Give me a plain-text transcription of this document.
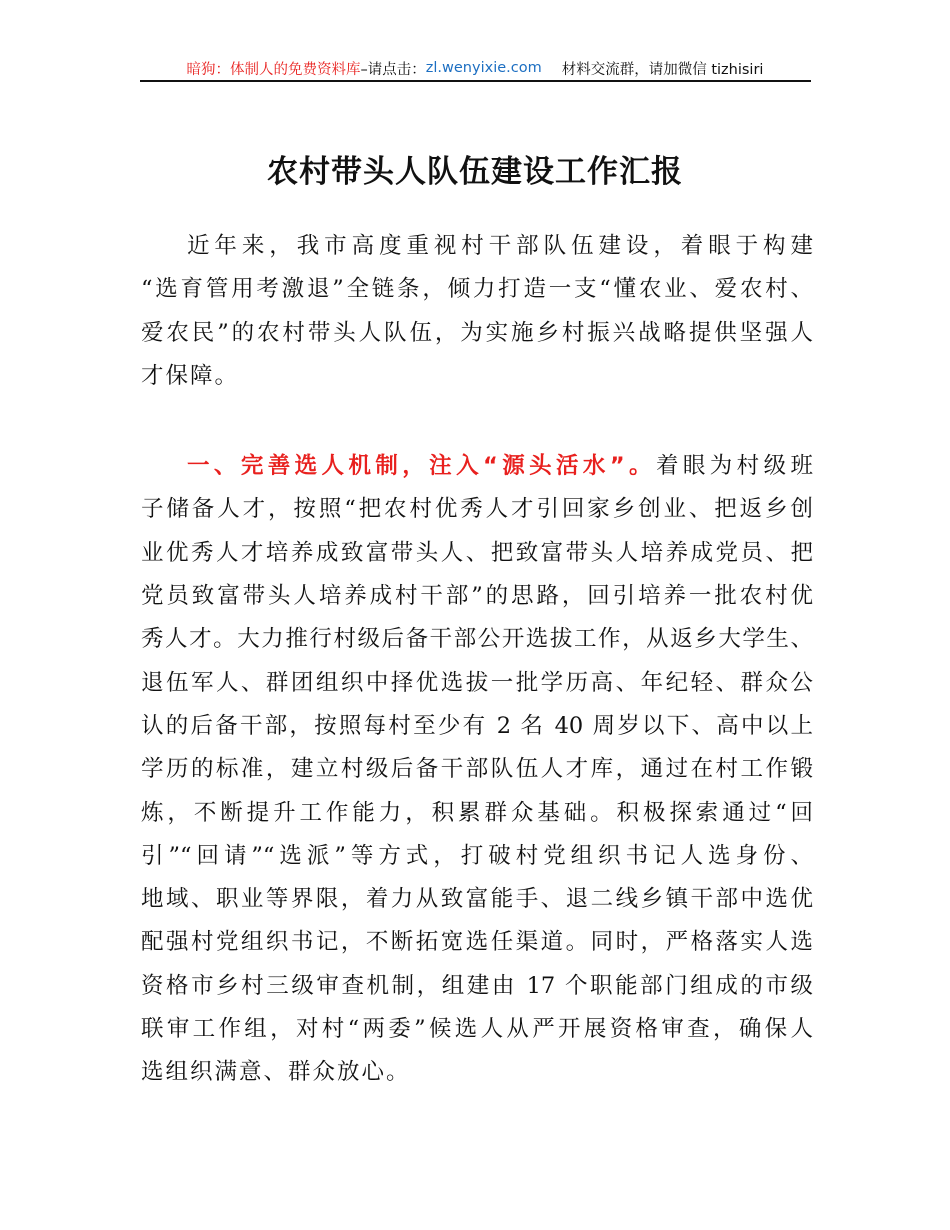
暗狗：体制人的免费资料库 –请点击： zl.wenyixie.com 材料交流群，请加微信 tizhisiri
农村带头人队伍建设工作汇报
近年来，我市高度重视村干部队伍建设，着眼于构建
“选育管用考激退”全链条，倾力打造一支“懂农业、爱农村、
爱农民”的农村带头人队伍，为实施乡村振兴战略提供坚强人
才保障。
一、完善选人机制，注入“源头活水”。着眼为村级班
子储备人才，按照“把农村优秀人才引回家乡创业、把返乡创
业优秀人才培养成致富带头人、把致富带头人培养成党员、把
党员致富带头人培养成村干部”的思路，回引培养一批农村优
秀人才。大力推行村级后备干部公开选拔工作，从返乡大学生、
退伍军人、群团组织中择优选拔一批学历高、年纪轻、群众公
认的后备干部，按照每村至少有 2 名 40 周岁以下、高中以上
学历的标准，建立村级后备干部队伍人才库，通过在村工作锻
炼，不断提升工作能力，积累群众基础。积极探索通过“回
引”“回请”“选派”等方式，打破村党组织书记人选身份、
地域、职业等界限，着力从致富能手、退二线乡镇干部中选优
配强村党组织书记，不断拓宽选任渠道。同时，严格落实人选
资格市乡村三级审查机制，组建由 17 个职能部门组成的市级
联审工作组，对村“两委”候选人从严开展资格审查，确保人
选组织满意、群众放心。
